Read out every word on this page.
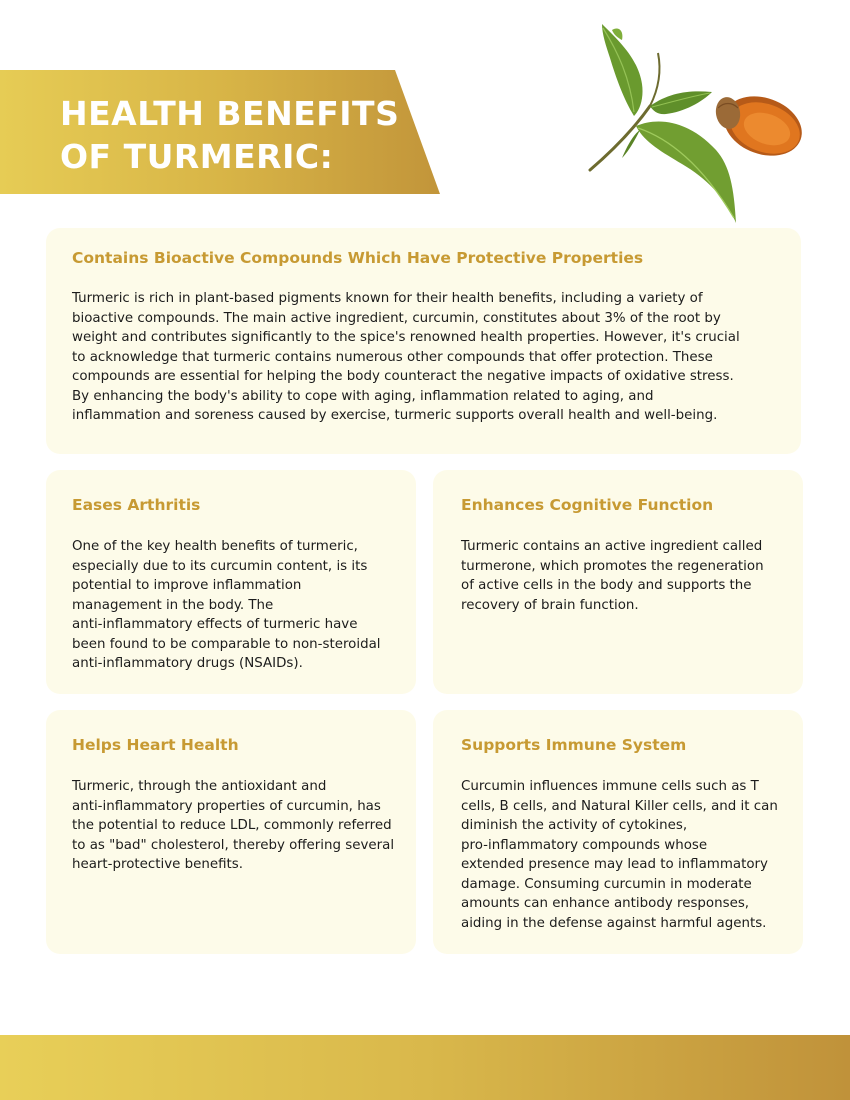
HEALTH BENEFITS
OF TURMERIC:
Contains Bioactive Compounds Which Have Protective Properties

Turmeric is rich in plant-based pigments known for their health benefits, including a variety of
bioactive compounds. The main active ingredient, curcumin, constitutes about 3% of the root by
weight and contributes significantly to the spice's renowned health properties. However, it's crucial
to acknowledge that turmeric contains numerous other compounds that offer protection. These
compounds are essential for helping the body counteract the negative impacts of oxidative stress.
By enhancing the body's ability to cope with aging, inflammation related to aging, and
inflammation and soreness caused by exercise, turmeric supports overall health and well-being.

Eases Arthritis

One of the key health benefits of turmeric,
especially due to its curcumin content, is its
potential to improve inflammation
management in the body. The
anti-inflammatory effects of turmeric have
been found to be comparable to non-steroidal
anti-inflammatory drugs (NSAIDs).

Enhances Cognitive Function

Turmeric contains an active ingredient called
turmerone, which promotes the regeneration
of active cells in the body and supports the
recovery of brain function.

Helps Heart Health

Turmeric, through the antioxidant and
anti-inflammatory properties of curcumin, has
the potential to reduce LDL, commonly referred
to as "bad" cholesterol, thereby offering several
heart-protective benefits.

Supports Immune System

Curcumin influences immune cells such as T
cells, B cells, and Natural Killer cells, and it can
diminish the activity of cytokines,
pro-inflammatory compounds whose
extended presence may lead to inflammatory
damage. Consuming curcumin in moderate
amounts can enhance antibody responses,
aiding in the defense against harmful agents.
